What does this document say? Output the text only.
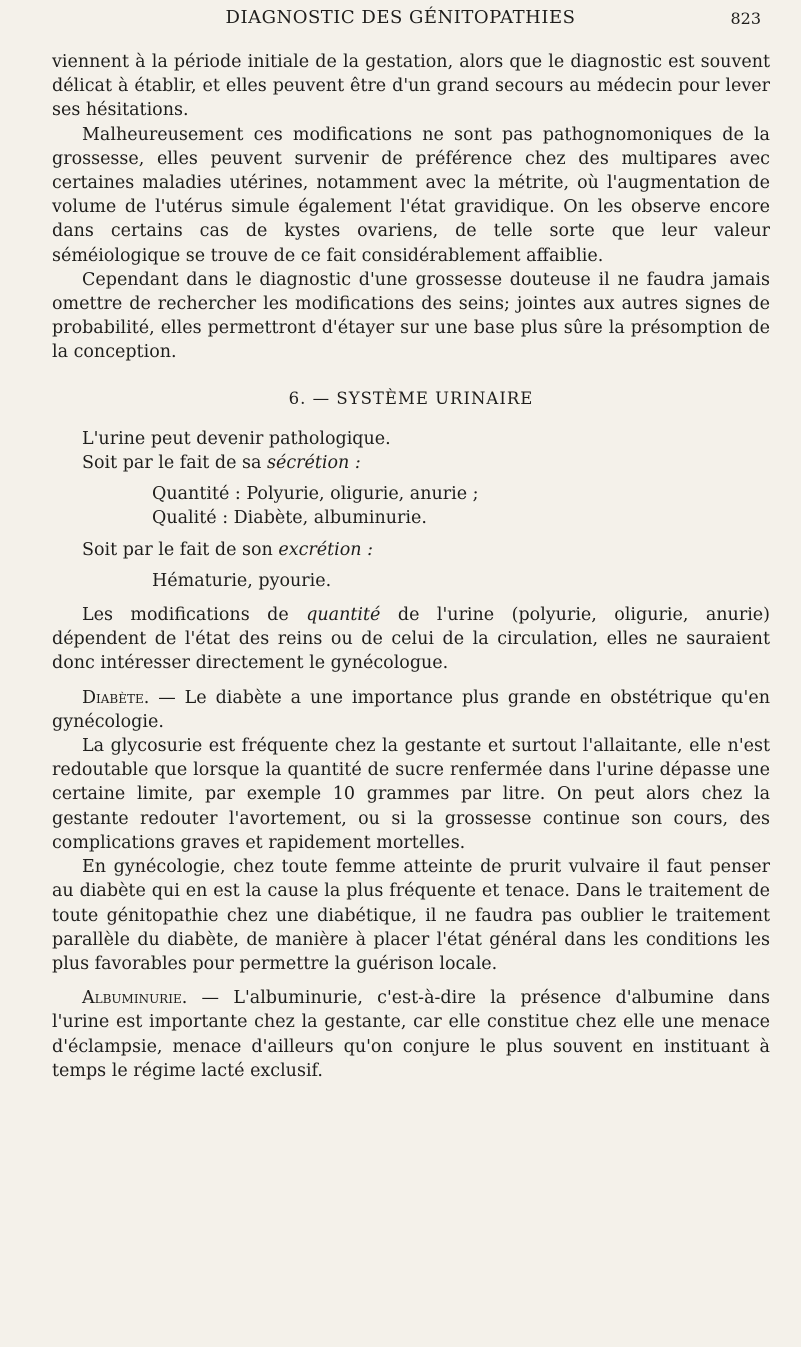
DIAGNOSTIC DES GÉNITOPATHIES	823

viennent à la période initiale de la gestation, alors que le diagnostic est souvent délicat à établir, et elles peuvent être d'un grand secours au médecin pour lever ses hésitations.

Malheureusement ces modifications ne sont pas pathognomoniques de la grossesse, elles peuvent survenir de préférence chez des multipares avec certaines maladies utérines, notamment avec la métrite, où l'augmentation de volume de l'utérus simule également l'état gravidique. On les observe encore dans certains cas de kystes ovariens, de telle sorte que leur valeur séméiologique se trouve de ce fait considérablement affaiblie.

Cependant dans le diagnostic d'une grossesse douteuse il ne faudra jamais omettre de rechercher les modifications des seins; jointes aux autres signes de probabilité, elles permettront d'étayer sur une base plus sûre la présomption de la conception.

6. — SYSTÈME URINAIRE

L'urine peut devenir pathologique.

Soit par le fait de sa sécrétion :

Quantité : Polyurie, oligurie, anurie ;

Qualité : Diabète, albuminurie.

Soit par le fait de son excrétion :

Hématurie, pyourie.

Les modifications de quantité de l'urine (polyurie, oligurie, anurie) dépendent de l'état des reins ou de celui de la circulation, elles ne sauraient donc intéresser directement le gynécologue.

Diabète. — Le diabète a une importance plus grande en obstétrique qu'en gynécologie.

La glycosurie est fréquente chez la gestante et surtout l'allaitante, elle n'est redoutable que lorsque la quantité de sucre renfermée dans l'urine dépasse une certaine limite, par exemple 10 grammes par litre. On peut alors chez la gestante redouter l'avortement, ou si la grossesse continue son cours, des complications graves et rapidement mortelles.

En gynécologie, chez toute femme atteinte de prurit vulvaire il faut penser au diabète qui en est la cause la plus fréquente et tenace. Dans le traitement de toute génitopathie chez une diabétique, il ne faudra pas oublier le traitement parallèle du diabète, de manière à placer l'état général dans les conditions les plus favorables pour permettre la guérison locale.

Albuminurie. — L'albuminurie, c'est-à-dire la présence d'albumine dans l'urine est importante chez la gestante, car elle constitue chez elle une menace d'éclampsie, menace d'ailleurs qu'on conjure le plus souvent en instituant à temps le régime lacté exclusif.
